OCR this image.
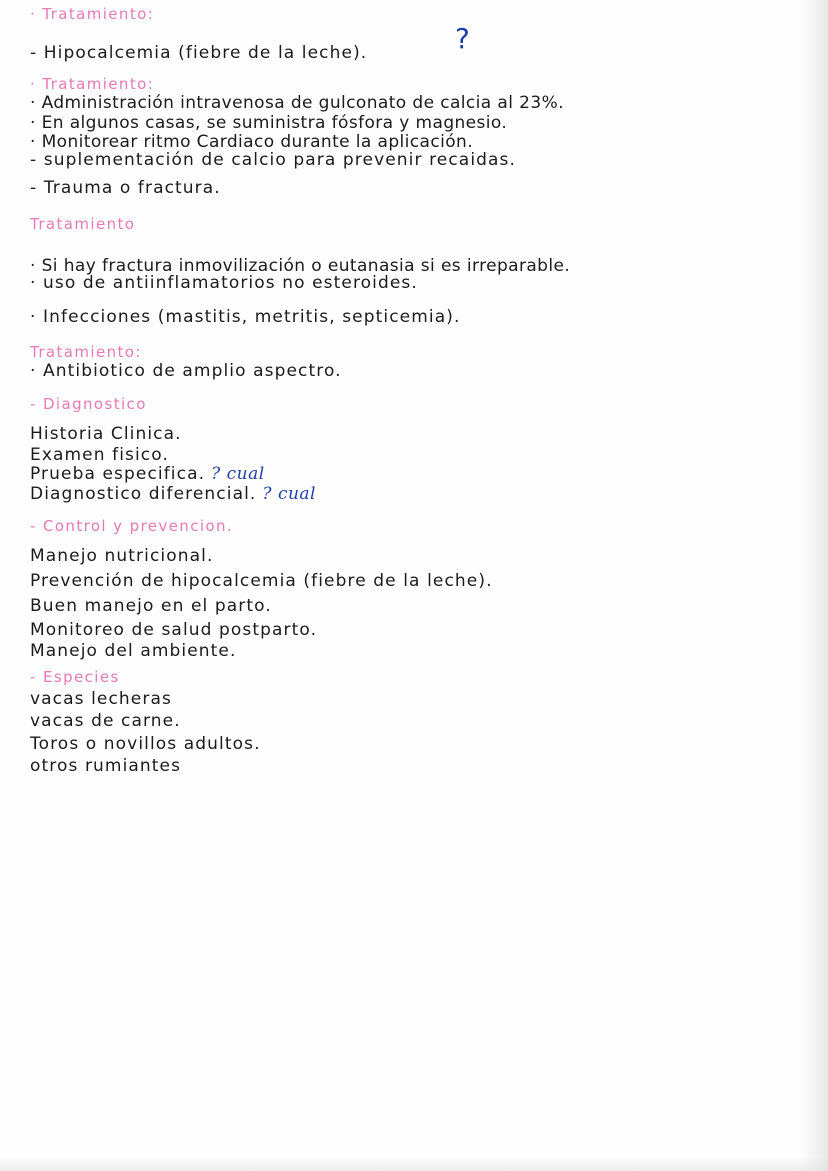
· Tratamiento:
- Hipocalcemia (fiebre de la leche).	?
· Tratamiento:
· Administración intravenosa de gulconato de calcia al 23%.
· En algunos casas, se suministra fósfora y magnesio.
· Monitorear ritmo Cardiaco durante la aplicación.
- suplementación de calcio para prevenir recaidas.
- Trauma o fractura.
Tratamiento
· Si hay fractura inmovilización o eutanasia si es irreparable.
· uso de antiinflamatorios no esteroides.
· Infecciones (mastitis, metritis, septicemia).
Tratamiento:
· Antibiotico de amplio aspectro.
- Diagnostico
Historia Clinica.
Examen fisico.
Prueba especifica. ? cual
Diagnostico diferencial. ? cual
- Control y prevencion.
Manejo nutricional.
Prevención de hipocalcemia (fiebre de la leche).
Buen manejo en el parto.
Monitoreo de salud postparto.
Manejo del ambiente.
- Especies
vacas lecheras
vacas de carne.
Toros o novillos adultos.
otros rumiantes
